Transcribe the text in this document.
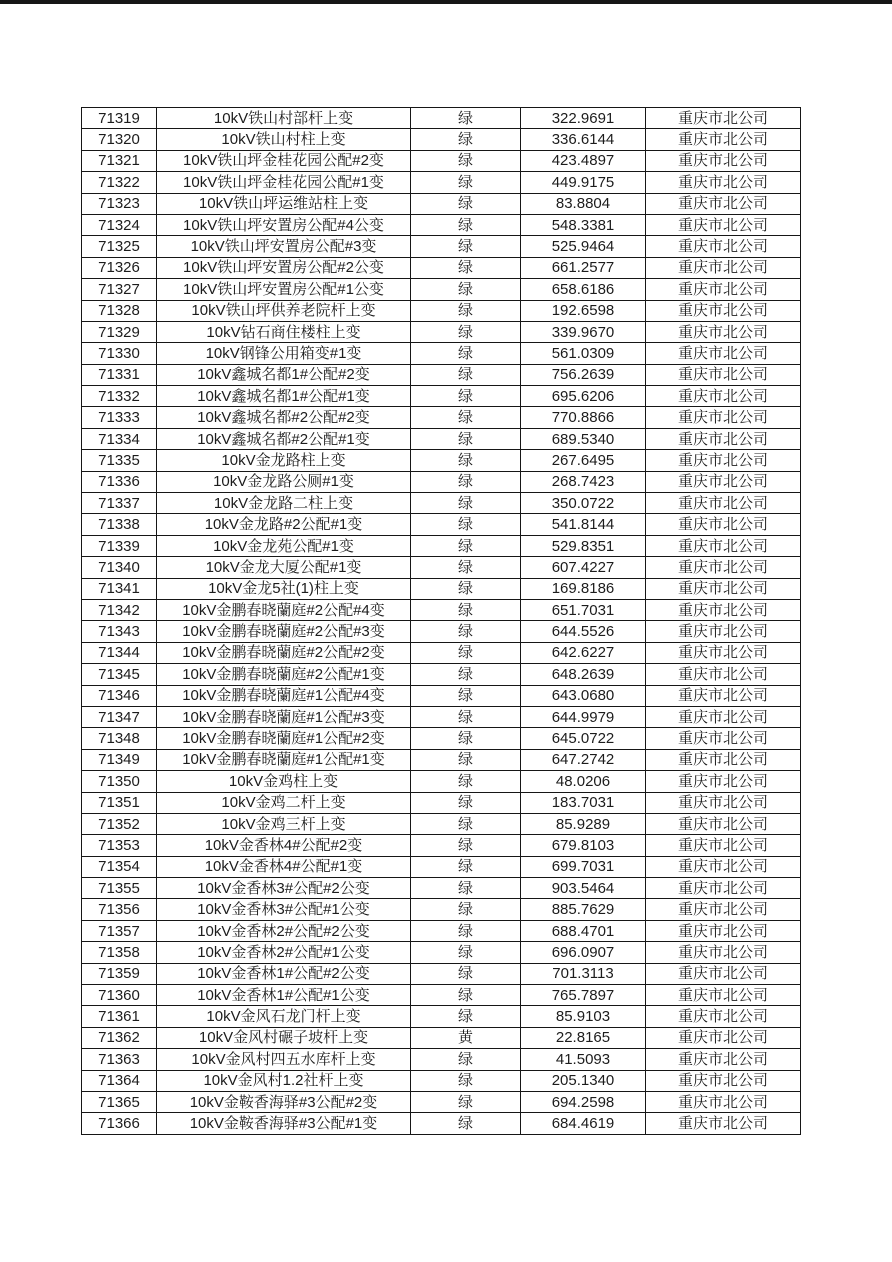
71319	10kV铁山村部杆上变	绿	322.9691	重庆市北公司
71320	10kV铁山村柱上变	绿	336.6144	重庆市北公司
71321	10kV铁山坪金桂花园公配#2变	绿	423.4897	重庆市北公司
71322	10kV铁山坪金桂花园公配#1变	绿	449.9175	重庆市北公司
71323	10kV铁山坪运维站柱上变	绿	83.8804	重庆市北公司
71324	10kV铁山坪安置房公配#4公变	绿	548.3381	重庆市北公司
71325	10kV铁山坪安置房公配#3变	绿	525.9464	重庆市北公司
71326	10kV铁山坪安置房公配#2公变	绿	661.2577	重庆市北公司
71327	10kV铁山坪安置房公配#1公变	绿	658.6186	重庆市北公司
71328	10kV铁山坪供养老院杆上变	绿	192.6598	重庆市北公司
71329	10kV钻石商住楼柱上变	绿	339.9670	重庆市北公司
71330	10kV钢锋公用箱变#1变	绿	561.0309	重庆市北公司
71331	10kV鑫城名都1#公配#2变	绿	756.2639	重庆市北公司
71332	10kV鑫城名都1#公配#1变	绿	695.6206	重庆市北公司
71333	10kV鑫城名都#2公配#2变	绿	770.8866	重庆市北公司
71334	10kV鑫城名都#2公配#1变	绿	689.5340	重庆市北公司
71335	10kV金龙路柱上变	绿	267.6495	重庆市北公司
71336	10kV金龙路公厕#1变	绿	268.7423	重庆市北公司
71337	10kV金龙路二柱上变	绿	350.0722	重庆市北公司
71338	10kV金龙路#2公配#1变	绿	541.8144	重庆市北公司
71339	10kV金龙苑公配#1变	绿	529.8351	重庆市北公司
71340	10kV金龙大厦公配#1变	绿	607.4227	重庆市北公司
71341	10kV金龙5社(1)柱上变	绿	169.8186	重庆市北公司
71342	10kV金鹏春晓蘭庭#2公配#4变	绿	651.7031	重庆市北公司
71343	10kV金鹏春晓蘭庭#2公配#3变	绿	644.5526	重庆市北公司
71344	10kV金鹏春晓蘭庭#2公配#2变	绿	642.6227	重庆市北公司
71345	10kV金鹏春晓蘭庭#2公配#1变	绿	648.2639	重庆市北公司
71346	10kV金鹏春晓蘭庭#1公配#4变	绿	643.0680	重庆市北公司
71347	10kV金鹏春晓蘭庭#1公配#3变	绿	644.9979	重庆市北公司
71348	10kV金鹏春晓蘭庭#1公配#2变	绿	645.0722	重庆市北公司
71349	10kV金鹏春晓蘭庭#1公配#1变	绿	647.2742	重庆市北公司
71350	10kV金鸡柱上变	绿	48.0206	重庆市北公司
71351	10kV金鸡二杆上变	绿	183.7031	重庆市北公司
71352	10kV金鸡三杆上变	绿	85.9289	重庆市北公司
71353	10kV金香林4#公配#2变	绿	679.8103	重庆市北公司
71354	10kV金香林4#公配#1变	绿	699.7031	重庆市北公司
71355	10kV金香林3#公配#2公变	绿	903.5464	重庆市北公司
71356	10kV金香林3#公配#1公变	绿	885.7629	重庆市北公司
71357	10kV金香林2#公配#2公变	绿	688.4701	重庆市北公司
71358	10kV金香林2#公配#1公变	绿	696.0907	重庆市北公司
71359	10kV金香林1#公配#2公变	绿	701.3113	重庆市北公司
71360	10kV金香林1#公配#1公变	绿	765.7897	重庆市北公司
71361	10kV金风石龙门杆上变	绿	85.9103	重庆市北公司
71362	10kV金风村碾子坡杆上变	黄	22.8165	重庆市北公司
71363	10kV金风村四五水库杆上变	绿	41.5093	重庆市北公司
71364	10kV金风村1.2社杆上变	绿	205.1340	重庆市北公司
71365	10kV金鞍香海驿#3公配#2变	绿	694.2598	重庆市北公司
71366	10kV金鞍香海驿#3公配#1变	绿	684.4619	重庆市北公司
